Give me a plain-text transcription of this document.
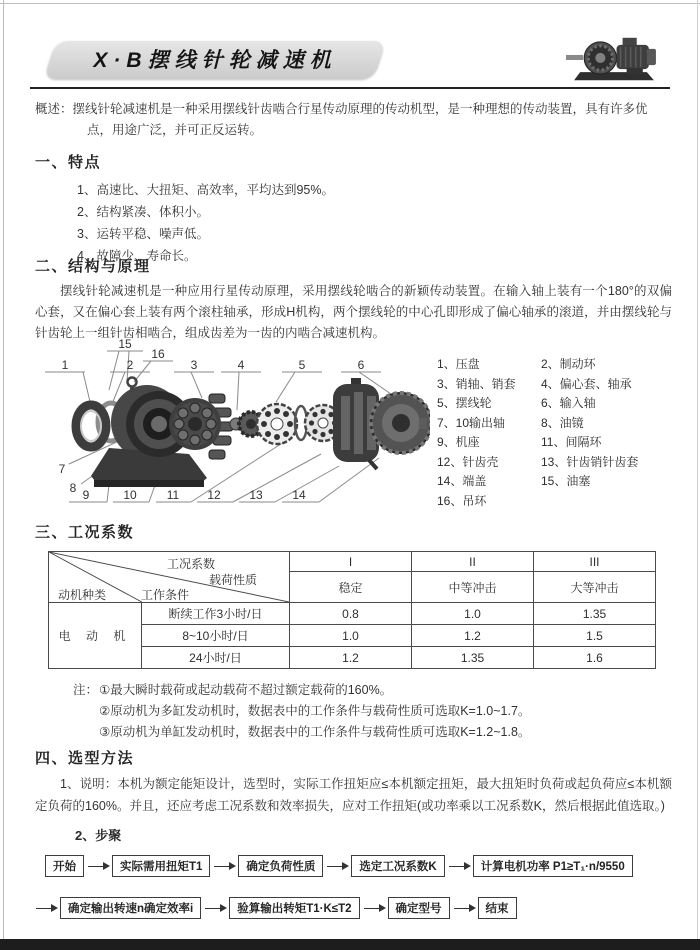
X·B摆线针轮减速机
概述：摆线针轮减速机是一种采用摆线针齿啮合行星传动原理的传动机型，是一种理想的传动装置，具有许多优点，用途广泛，并可正反运转。
一、特点
1、高速比、大扭矩、高效率，平均达到95%。
2、结构紧凑、体积小。
3、运转平稳、噪声低。
4、故障少、寿命长。
二、结构与原理
摆线针轮减速机是一种应用行星传动原理，采用摆线轮啮合的新颖传动装置。在输入轴上装有一个180°的双偏心套，又在偏心套上装有两个滚柱轴承，形成H机构，两个摆线轮的中心孔即形成了偏心轴承的滚道，并由摆线轮与针齿轮上一组针齿相啮合，组成齿差为一齿的内啮合减速机构。
1	2	3	4	5	6
7
8 9	10	11 12 13 14
15
16
1、压盘	2、制动环
3、销轴、销套	4、偏心套、轴承
5、摆线轮	6、输入轴
7、10输出轴	8、油镜
9、机座	11、间隔环
12、针齿壳	13、针齿销针齿套
14、端盖	15、油塞
16、吊环
三、工况系数
工况系数
载荷性质
动机种类 工作条件		I	II	III
		稳定	中等冲击	大等冲击
电 动 机	断续工作3小时/日	0.8	1.0	1.35
	8~10小时/日	1.0	1.2	1.5
	24小时/日	1.2	1.35	1.6
注： ①最大瞬时载荷或起动载荷不超过额定载荷的160%。
②原动机为多缸发动机时，数据表中的工作条件与载荷性质可选取K=1.0~1.7。
③原动机为单缸发动机时，数据表中的工作条件与载荷性质可选取K=1.2~1.8。
四、选型方法
1、说明：本机为额定能矩设计，选型时，实际工作扭矩应≤本机额定扭矩，最大扭矩时负荷或起负荷应≤本机额定负荷的160%。并且，还应考虑工况系数和效率损失，应对工作扭矩(或功率乘以工况系数K，然后根据此值选取。)
2、步聚
开始	实际需用扭矩T1	确定负荷性质	选定工况系数K	计算电机功率 P1≥T₁·n/9550
确定输出转速n确定效率i	验算输出转矩T1·K≤T2	确定型号	结束
